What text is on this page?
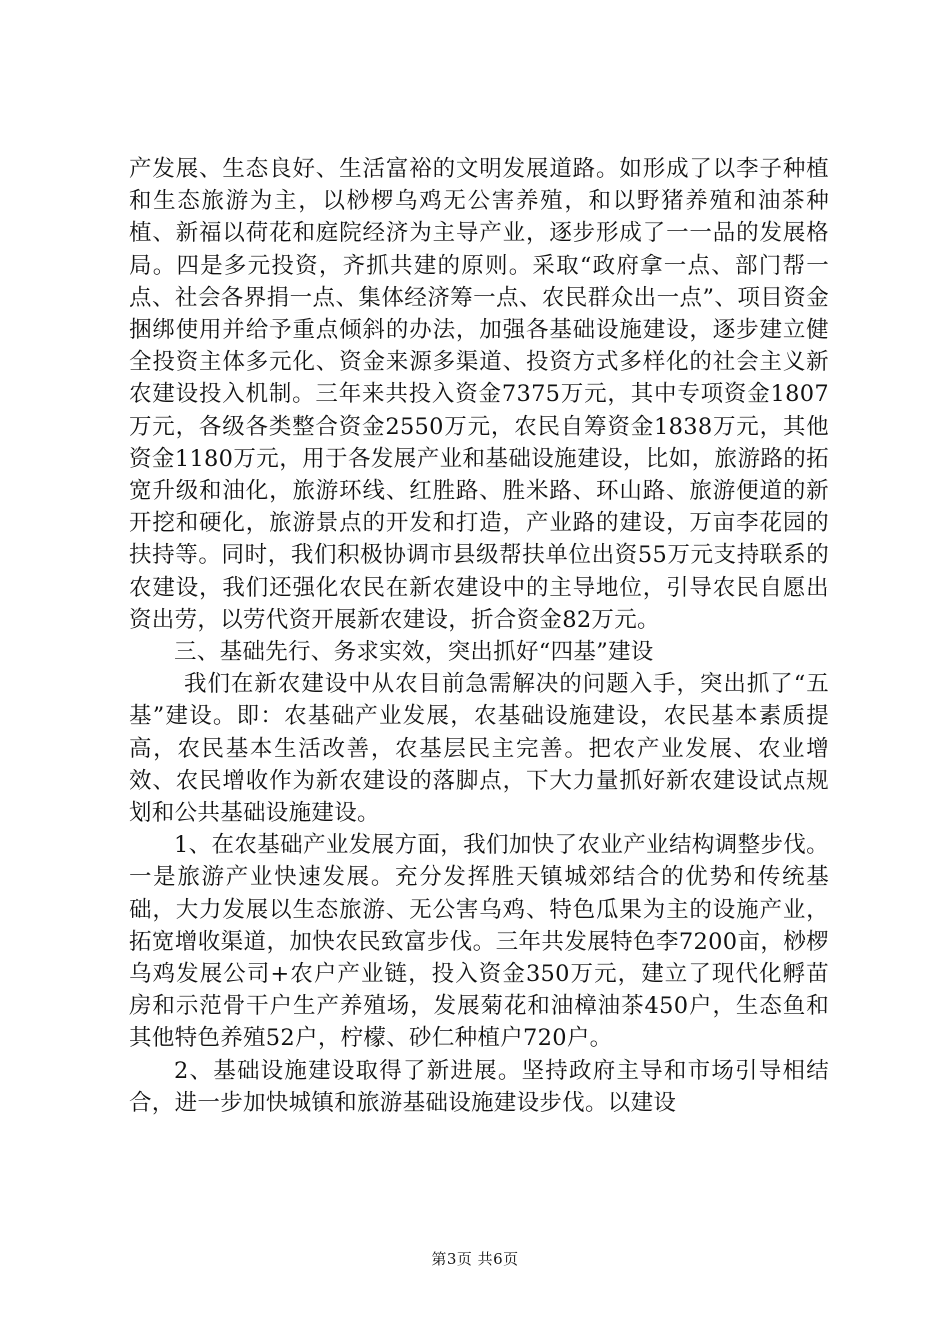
产发展、生态良好、生活富裕的文明发展道路。如形成了以李子种植和生态旅游为主，以桫椤乌鸡无公害养殖，和以野猪养殖和油茶种植、新福以荷花和庭院经济为主导产业，逐步形成了一一品的发展格局。四是多元投资，齐抓共建的原则。采取“政府拿一点、部门帮一点、社会各界捐一点、集体经济筹一点、农民群众出一点”、项目资金捆绑使用并给予重点倾斜的办法，加强各基础设施建设，逐步建立健全投资主体多元化、资金来源多渠道、投资方式多样化的社会主义新农建设投入机制。三年来共投入资金7375万元，其中专项资金1807万元，各级各类整合资金2550万元，农民自筹资金1838万元，其他资金1180万元，用于各发展产业和基础设施建设，比如，旅游路的拓宽升级和油化，旅游环线、红胜路、胜米路、环山路、旅游便道的新开挖和硬化，旅游景点的开发和打造，产业路的建设，万亩李花园的扶持等。同时，我们积极协调市县级帮扶单位出资55万元支持联系的农建设，我们还强化农民在新农建设中的主导地位，引导农民自愿出资出劳，以劳代资开展新农建设，折合资金82万元。

三、基础先行、务求实效，突出抓好“四基”建设

我们在新农建设中从农目前急需解决的问题入手，突出抓了“五基”建设。即：农基础产业发展，农基础设施建设，农民基本素质提高，农民基本生活改善，农基层民主完善。把农产业发展、农业增效、农民增收作为新农建设的落脚点，下大力量抓好新农建设试点规划和公共基础设施建设。

1、在农基础产业发展方面，我们加快了农业产业结构调整步伐。一是旅游产业快速发展。充分发挥胜天镇城郊结合的优势和传统基础，大力发展以生态旅游、无公害乌鸡、特色瓜果为主的设施产业，拓宽增收渠道，加快农民致富步伐。三年共发展特色李7200亩，桫椤乌鸡发展公司+农户产业链，投入资金350万元，建立了现代化孵苗房和示范骨干户生产养殖场，发展菊花和油樟油茶450户，生态鱼和其他特色养殖52户，柠檬、砂仁种植户720户。

2、基础设施建设取得了新进展。坚持政府主导和市场引导相结合，进一步加快城镇和旅游基础设施建设步伐。以建设

第3页 共6页
